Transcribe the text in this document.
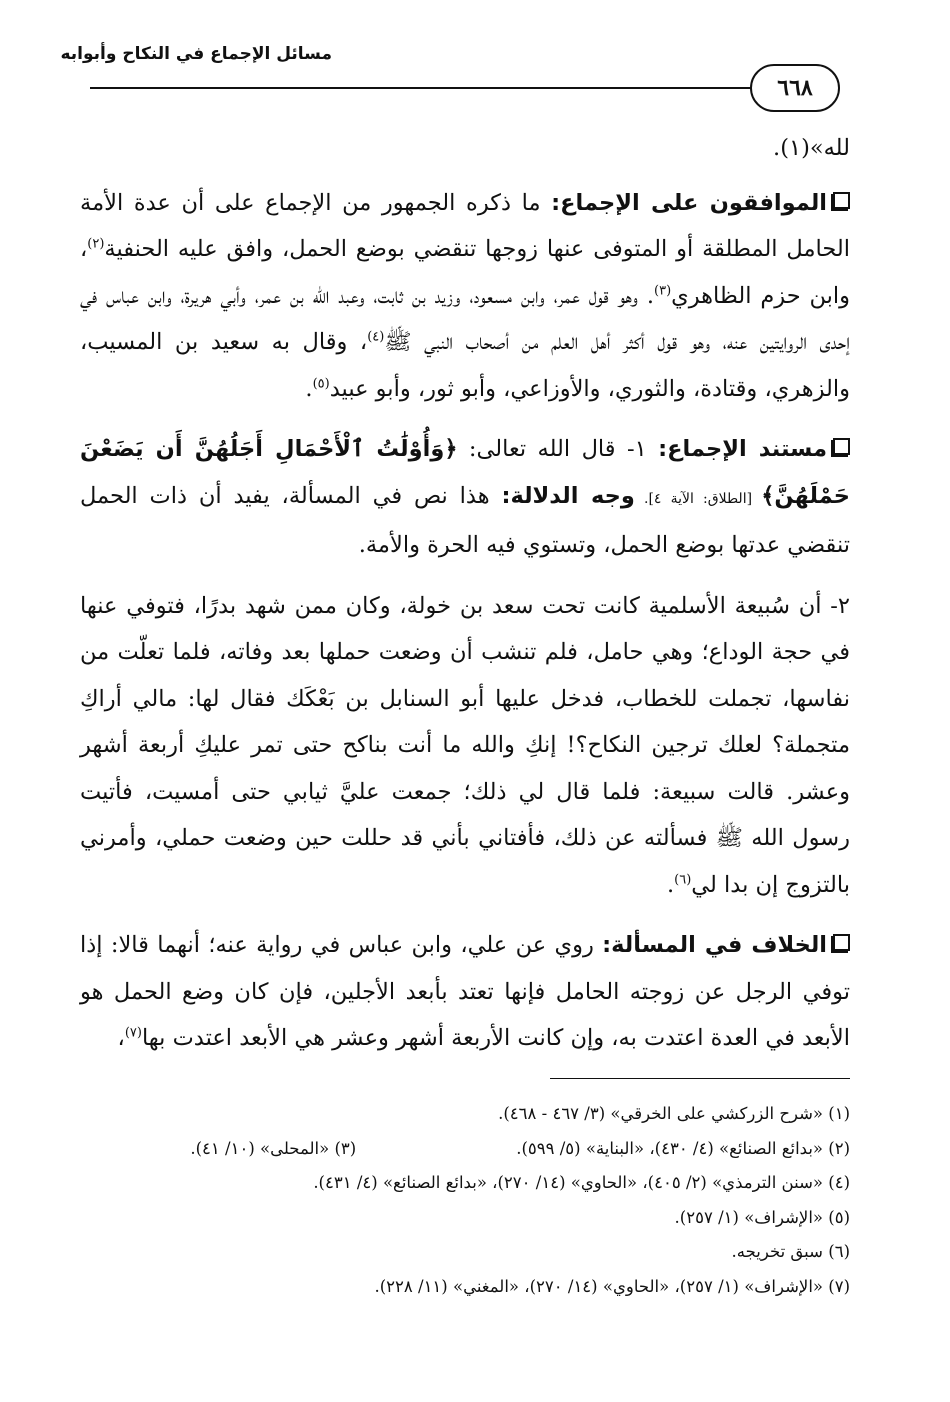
مسائل الإجماع في النكاح وأبوابه
٦٦٨

لله»(١).

الموافقون على الإجماع: ما ذكره الجمهور من الإجماع على أن عدة الأمة الحامل المطلقة أو المتوفى عنها زوجها تنقضي بوضع الحمل، وافق عليه الحنفية$^{(٢)}$، وابن حزم الظاهري$^{(٣)}$. وهو قول عمر، وابن مسعود، وزيد بن ثابت، وعبد الله بن عمر، وأبي هريرة، وابن عباس في إحدى الروايتين عنه، وهو قول أكثر أهل العلم من أصحاب النبي ﷺ$^{(٤)}$، وقال به سعيد بن المسيب، والزهري، وقتادة، والثوري، والأوزاعي، وأبو ثور، وأبو عبيد$^{(٥)}$.

مستند الإجماع: ١- قال الله تعالى: ﴿وَأُوْلَٰتُ ٱلْأَحْمَالِ أَجَلُهُنَّ أَن يَضَعْنَ حَمْلَهُنَّ﴾ [الطلاق: الآية ٤]. وجه الدلالة: هذا نص في المسألة، يفيد أن ذات الحمل تنقضي عدتها بوضع الحمل، وتستوي فيه الحرة والأمة.

٢- أن سُبيعة الأسلمية كانت تحت سعد بن خولة، وكان ممن شهد بدرًا، فتوفي عنها في حجة الوداع؛ وهي حامل، فلم تنشب أن وضعت حملها بعد وفاته، فلما تعلّت من نفاسها، تجملت للخطاب، فدخل عليها أبو السنابل بن بَعْكَك فقال لها: مالي أراكِ متجملة؟ لعلك ترجين النكاح؟! إنكِ والله ما أنت بناكح حتى تمر عليكِ أربعة أشهر وعشر. قالت سبيعة: فلما قال لي ذلك؛ جمعت عليَّ ثيابي حتى أمسيت، فأتيت رسول الله ﷺ فسألته عن ذلك، فأفتاني بأني قد حللت حين وضعت حملي، وأمرني بالتزوج إن بدا لي$^{(٦)}$.

الخلاف في المسألة: روي عن علي، وابن عباس في رواية عنه؛ أنهما قالا: إذا توفي الرجل عن زوجته الحامل فإنها تعتد بأبعد الأجلين، فإن كان وضع الحمل هو الأبعد في العدة اعتدت به، وإن كانت الأربعة أشهر وعشر هي الأبعد اعتدت بها$^{(٧)}$،

(١) «شرح الزركشي على الخرقي» (٣/ ٤٦٧ - ٤٦٨).
(٢) «بدائع الصنائع» (٤/ ٤٣٠)، «البناية» (٥/ ٥٩٩).(٣) «المحلى» (١٠/ ٤١).
(٤) «سنن الترمذي» (٢/ ٤٠٥)، «الحاوي» (١٤/ ٢٧٠)، «بدائع الصنائع» (٤/ ٤٣١).
(٥) «الإشراف» (١/ ٢٥٧).
(٦) سبق تخريجه.
(٧) «الإشراف» (١/ ٢٥٧)، «الحاوي» (١٤/ ٢٧٠)، «المغني» (١١/ ٢٢٨).
